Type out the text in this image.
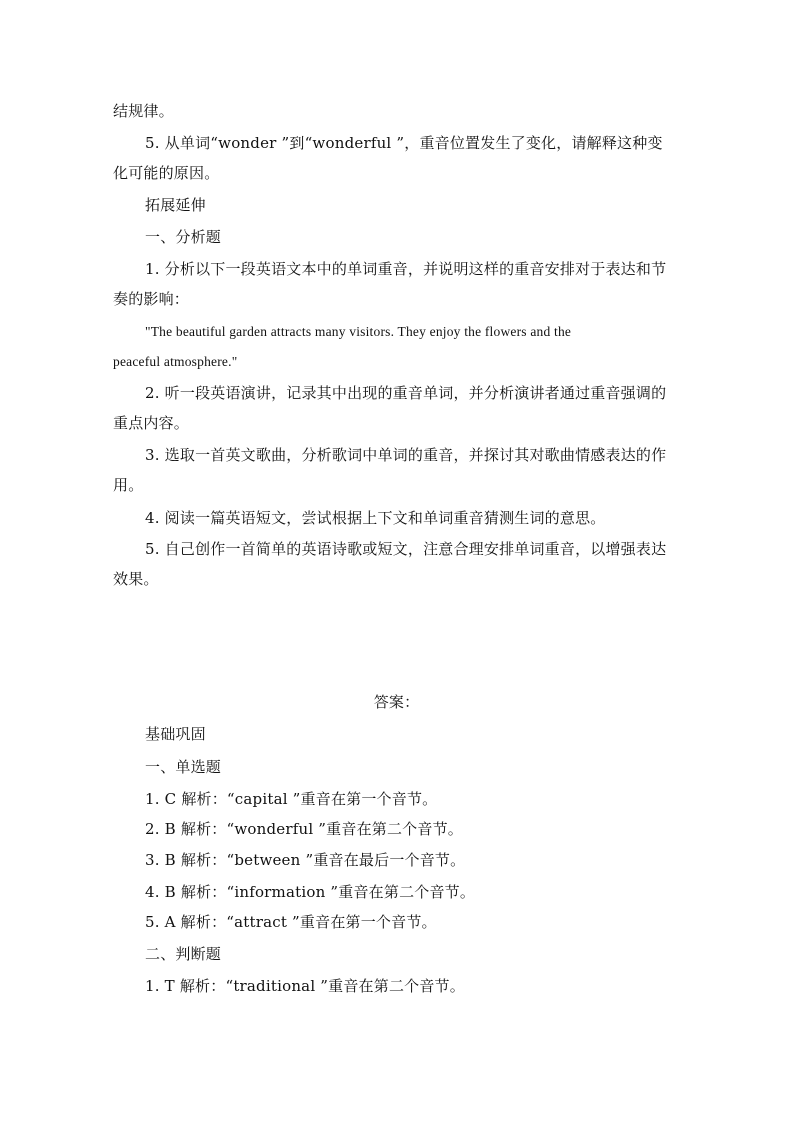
结规律。
5. 从单词“wonder ”到“wonderful ”，重音位置发生了变化，请解释这种变
化可能的原因。
拓展延伸
一、分析题
1. 分析以下一段英语文本中的单词重音，并说明这样的重音安排对于表达和节
奏的影响：
"The beautiful garden attracts many visitors. They enjoy the flowers and the
peaceful atmosphere."
2. 听一段英语演讲，记录其中出现的重音单词，并分析演讲者通过重音强调的
重点内容。
3. 选取一首英文歌曲，分析歌词中单词的重音，并探讨其对歌曲情感表达的作
用。
4. 阅读一篇英语短文，尝试根据上下文和单词重音猜测生词的意思。
5. 自己创作一首简单的英语诗歌或短文，注意合理安排单词重音，以增强表达
效果。
答案：
基础巩固
一、单选题
1. C 解析：“capital ”重音在第一个音节。
2. B 解析：“wonderful ”重音在第二个音节。
3. B 解析：“between ”重音在最后一个音节。
4. B 解析：“information ”重音在第二个音节。
5. A 解析：“attract ”重音在第一个音节。
二、判断题
1. T 解析：“traditional ”重音在第二个音节。
